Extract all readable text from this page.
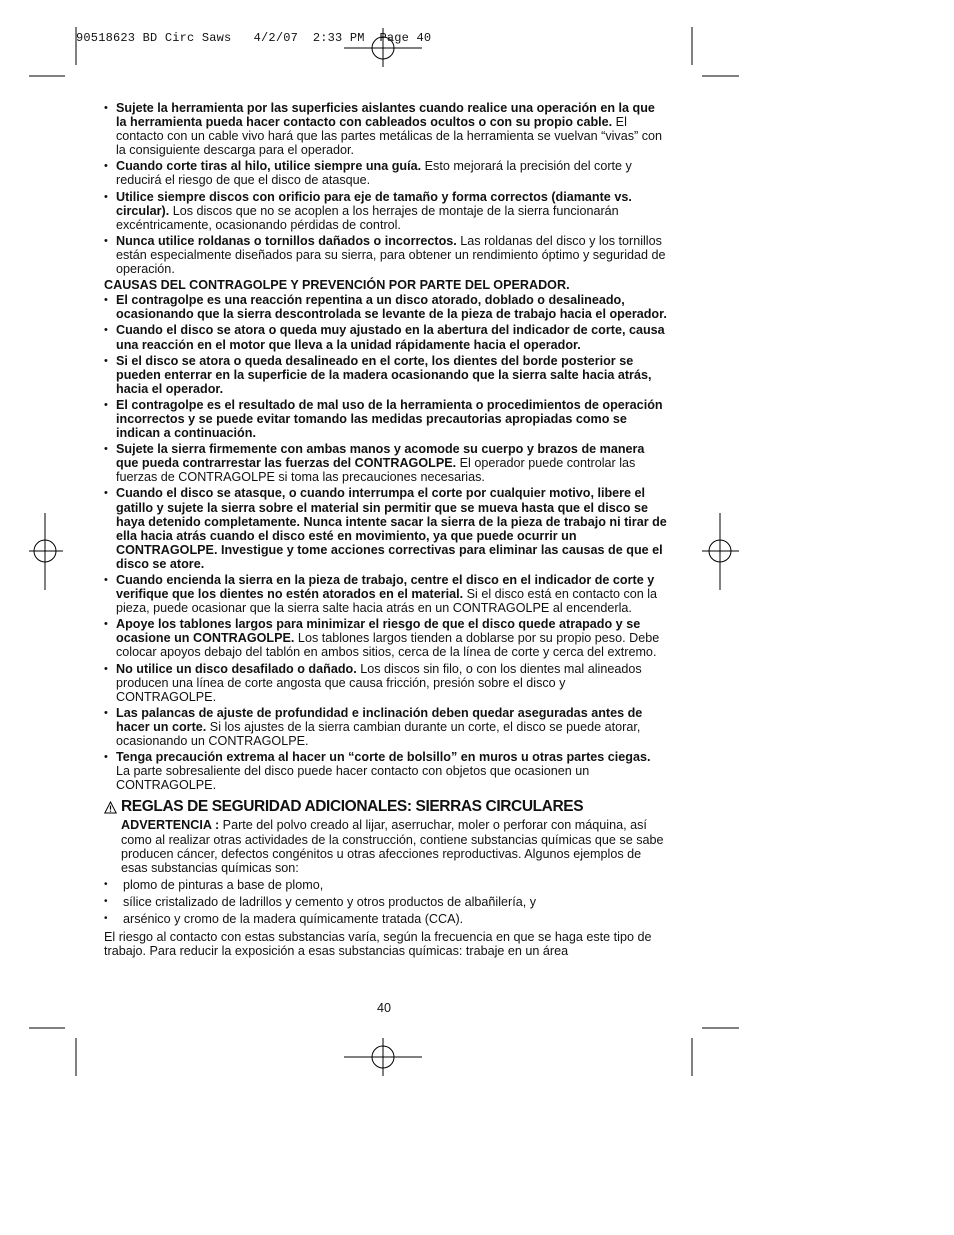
90518623 BD Circ Saws   4/2/07  2:33 PM  Page 40
• Sujete la herramienta por las superficies aislantes cuando realice una operación en la que la herramienta pueda hacer contacto con cableados ocultos o con su propio cable. El contacto con un cable vivo hará que las partes metálicas de la herramienta se vuelvan “vivas” con la consiguiente descarga para el operador.
• Cuando corte tiras al hilo, utilice siempre una guía. Esto mejorará la precisión del corte y reducirá el riesgo de que el disco de atasque.
• Utilice siempre discos con orificio para eje de tamaño y forma correctos (diamante vs. circular). Los discos que no se acoplen a los herrajes de montaje de la sierra funcionarán excéntricamente, ocasionando pérdidas de control.
• Nunca utilice roldanas o tornillos dañados o incorrectos. Las roldanas del disco y los tornillos están especialmente diseñados para su sierra, para obtener un rendimiento óptimo y seguridad de operación.
CAUSAS DEL CONTRAGOLPE Y PREVENCIÓN POR PARTE DEL OPERADOR.
• El contragolpe es una reacción repentina a un disco atorado, doblado o desalineado, ocasionando que la sierra descontrolada se levante de la pieza de trabajo hacia el operador.
• Cuando el disco se atora o queda muy ajustado en la abertura del indicador de corte, causa una reacción en el motor que lleva a la unidad rápidamente hacia el operador.
• Si el disco se atora o queda desalineado en el corte, los dientes del borde posterior se pueden enterrar en la superficie de la madera ocasionando que la sierra salte hacia atrás, hacia el operador.
• El contragolpe es el resultado de mal uso de la herramienta o procedimientos de operación incorrectos y se puede evitar tomando las medidas precautorias apropiadas como se indican a continuación.
• Sujete la sierra firmemente con ambas manos y acomode su cuerpo y brazos de manera que pueda contrarrestar las fuerzas del CONTRAGOLPE. El operador puede controlar las fuerzas de CONTRAGOLPE si toma las precauciones necesarias.
• Cuando el disco se atasque, o cuando interrumpa el corte por cualquier motivo, libere el gatillo y sujete la sierra sobre el material sin permitir que se mueva hasta que el disco se haya detenido completamente. Nunca intente sacar la sierra de la pieza de trabajo ni tirar de ella hacia atrás cuando el disco esté en movimiento, ya que puede ocurrir un CONTRAGOLPE. Investigue y tome acciones correctivas para eliminar las causas de que el disco se atore.
• Cuando encienda la sierra en la pieza de trabajo, centre el disco en el indicador de corte y verifique que los dientes no estén atorados en el material. Si el disco está en contacto con la pieza, puede ocasionar que la sierra salte hacia atrás en un CONTRAGOLPE al encenderla.
• Apoye los tablones largos para minimizar el riesgo de que el disco quede atrapado y se ocasione un CONTRAGOLPE. Los tablones largos tienden a doblarse por su propio peso. Debe colocar apoyos debajo del tablón en ambos sitios, cerca de la línea de corte y cerca del extremo.
• No utilice un disco desafilado o dañado. Los discos sin filo, o con los dientes mal alineados producen una línea de corte angosta que causa fricción, presión sobre el disco y CONTRAGOLPE.
• Las palancas de ajuste de profundidad e inclinación deben quedar aseguradas antes de hacer un corte. Si los ajustes de la sierra cambian durante un corte, el disco se puede atorar, ocasionando un CONTRAGOLPE.
• Tenga precaución extrema al hacer un “corte de bolsillo” en muros u otras partes ciegas. La parte sobresaliente del disco puede hacer contacto con objetos que ocasionen un CONTRAGOLPE.
REGLAS DE SEGURIDAD ADICIONALES: SIERRAS CIRCULARES
ADVERTENCIA : Parte del polvo creado al lijar, aserruchar, moler o perforar con máquina, así como al realizar otras actividades de la construcción, contiene substancias químicas que se sabe producen cáncer, defectos congénitos u otras afecciones reproductivas. Algunos ejemplos de esas substancias químicas son:
• plomo de pinturas a base de plomo,
• sílice cristalizado de ladrillos y cemento y otros productos de albañilería, y
• arsénico y cromo de la madera químicamente tratada (CCA).
El riesgo al contacto con estas substancias varía, según la frecuencia en que se haga este tipo de trabajo. Para reducir la exposición a esas substancias químicas: trabaje en un área
40
